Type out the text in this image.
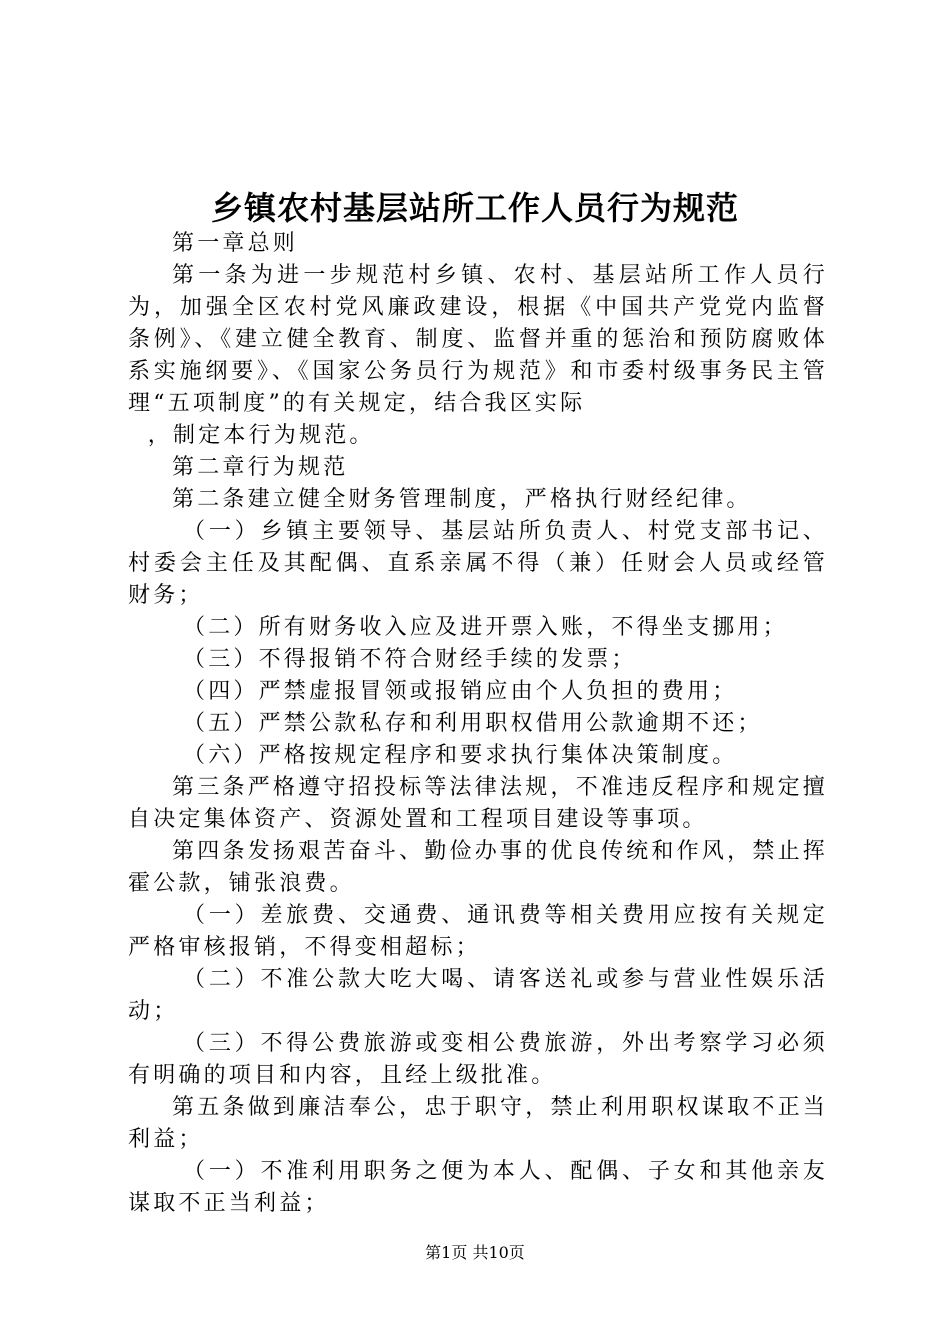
乡镇农村基层站所工作人员行为规范

第一章总则

第一条为进一步规范村乡镇、农村、基层站所工作人员行为，加强全区农村党风廉政建设，根据《中国共产党党内监督条例》、《建立健全教育、制度、监督并重的惩治和预防腐败体系实施纲要》、《国家公务员行为规范》和市委村级事务民主管理“五项制度”的有关规定，结合我区实际

，制定本行为规范。

第二章行为规范

第二条建立健全财务管理制度，严格执行财经纪律。

（一）乡镇主要领导、基层站所负责人、村党支部书记、村委会主任及其配偶、直系亲属不得（兼）任财会人员或经管财务；

（二）所有财务收入应及进开票入账，不得坐支挪用；

（三）不得报销不符合财经手续的发票；

（四）严禁虚报冒领或报销应由个人负担的费用；

（五）严禁公款私存和利用职权借用公款逾期不还；

（六）严格按规定程序和要求执行集体决策制度。

第三条严格遵守招投标等法律法规，不准违反程序和规定擅自决定集体资产、资源处置和工程项目建设等事项。

第四条发扬艰苦奋斗、勤俭办事的优良传统和作风，禁止挥霍公款，铺张浪费。

（一）差旅费、交通费、通讯费等相关费用应按有关规定严格审核报销，不得变相超标；

（二）不准公款大吃大喝、请客送礼或参与营业性娱乐活动；

（三）不得公费旅游或变相公费旅游，外出考察学习必须有明确的项目和内容，且经上级批准。

第五条做到廉洁奉公，忠于职守，禁止利用职权谋取不正当利益；

（一）不准利用职务之便为本人、配偶、子女和其他亲友谋取不正当利益；

第1页 共10页
